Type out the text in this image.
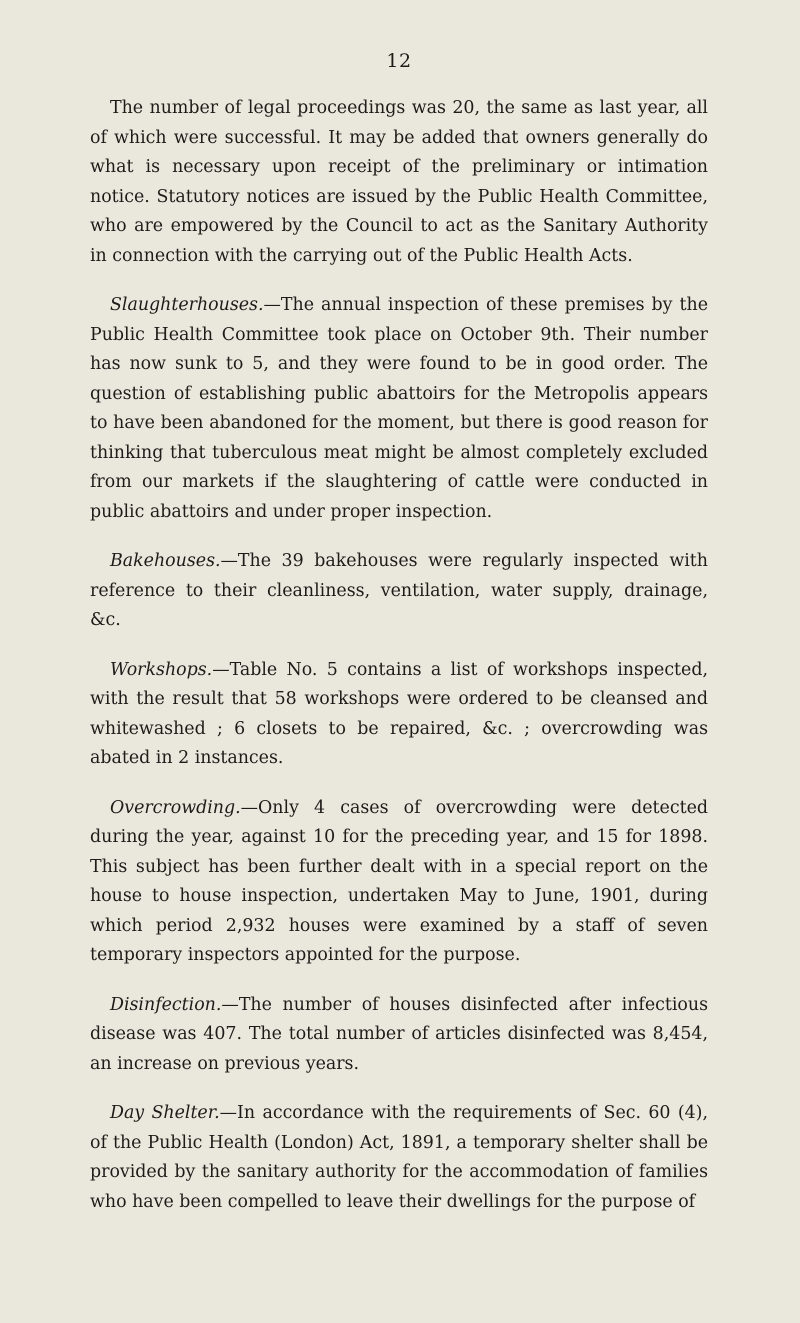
12

The number of legal proceedings was 20, the same as last year, all of which were successful. It may be added that owners generally do what is necessary upon receipt of the preliminary or intimation notice. Statutory notices are issued by the Public Health Committee, who are empowered by the Council to act as the Sanitary Authority in connection with the carrying out of the Public Health Acts.

Slaughterhouses.—The annual inspection of these premises by the Public Health Committee took place on October 9th. Their number has now sunk to 5, and they were found to be in good order. The question of establishing public abattoirs for the Metropolis appears to have been abandoned for the moment, but there is good reason for thinking that tuberculous meat might be almost completely excluded from our markets if the slaughtering of cattle were conducted in public abattoirs and under proper inspection.

Bakehouses.—The 39 bakehouses were regularly inspected with reference to their cleanliness, ventilation, water supply, drainage, &c.

Workshops.—Table No. 5 contains a list of workshops inspected, with the result that 58 workshops were ordered to be cleansed and whitewashed ; 6 closets to be repaired, &c. ; overcrowding was abated in 2 instances.

Overcrowding.—Only 4 cases of overcrowding were detected during the year, against 10 for the preceding year, and 15 for 1898. This subject has been further dealt with in a special report on the house to house inspection, undertaken May to June, 1901, during which period 2,932 houses were examined by a staff of seven temporary inspectors appointed for the purpose.

Disinfection.—The number of houses disinfected after infectious disease was 407. The total number of articles disinfected was 8,454, an increase on previous years.

Day Shelter.—In accordance with the requirements of Sec. 60 (4), of the Public Health (London) Act, 1891, a temporary shelter shall be provided by the sanitary authority for the accommodation of families who have been compelled to leave their dwellings for the purpose of
